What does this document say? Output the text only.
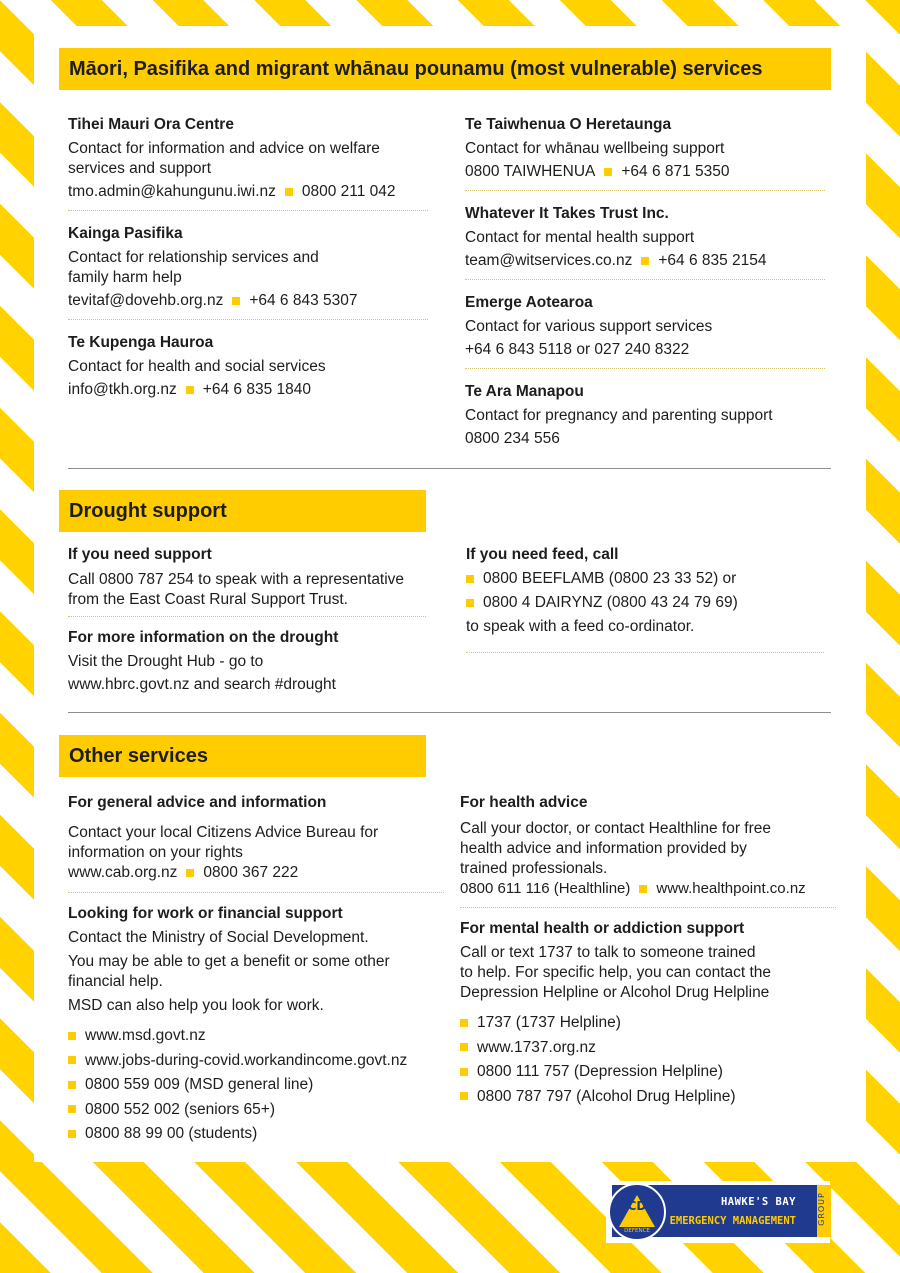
Māori, Pasifika and migrant whānau pounamu (most vulnerable) services
Tihei Mauri Ora Centre
Contact for information and advice on welfare
services and support
tmo.admin@kahungunu.iwi.nz 0800 211 042
Kainga Pasifika
Contact for relationship services and
family harm help
tevitaf@dovehb.org.nz +64 6 843 5307
Te Kupenga Hauroa
Contact for health and social services
info@tkh.org.nz +64 6 835 1840
Te Taiwhenua O Heretaunga
Contact for whānau wellbeing support
0800 TAIWHENUA +64 6 871 5350
Whatever It Takes Trust Inc.
Contact for mental health support
team@witservices.co.nz +64 6 835 2154
Emerge Aotearoa
Contact for various support services
+64 6 843 5118 or 027 240 8322
Te Ara Manapou
Contact for pregnancy and parenting support
0800 234 556
Drought support
If you need support
Call 0800 787 254 to speak with a representative
from the East Coast Rural Support Trust.
For more information on the drought
Visit the Drought Hub - go to
www.hbrc.govt.nz and search #drought
If you need feed, call
0800 BEEFLAMB (0800 23 33 52) or
0800 4 DAIRYNZ (0800 43 24 79 69)
to speak with a feed co-ordinator.
Other services
For general advice and information
Contact your local Citizens Advice Bureau for
information on your rights
www.cab.org.nz 0800 367 222
Looking for work or financial support
Contact the Ministry of Social Development.
You may be able to get a benefit or some other
financial help.
MSD can also help you look for work.
www.msd.govt.nz
www.jobs-during-covid.workandincome.govt.nz
0800 559 009 (MSD general line)
0800 552 002 (seniors 65+)
0800 88 99 00 (students)
For health advice
Call your doctor, or contact Healthline for free
health advice and information provided by
trained professionals.
0800 611 116 (Healthline) www.healthpoint.co.nz
For mental health or addiction support
Call or text 1737 to talk to someone trained
to help. For specific help, you can contact the
Depression Helpline or Alcohol Drug Helpline
1737 (1737 Helpline)
www.1737.org.nz
0800 111 757 (Depression Helpline)
0800 787 797 (Alcohol Drug Helpline)
HAWKE'S BAY
EMERGENCY MANAGEMENT	GROUP
CD
CIVIL
DEFENCE
